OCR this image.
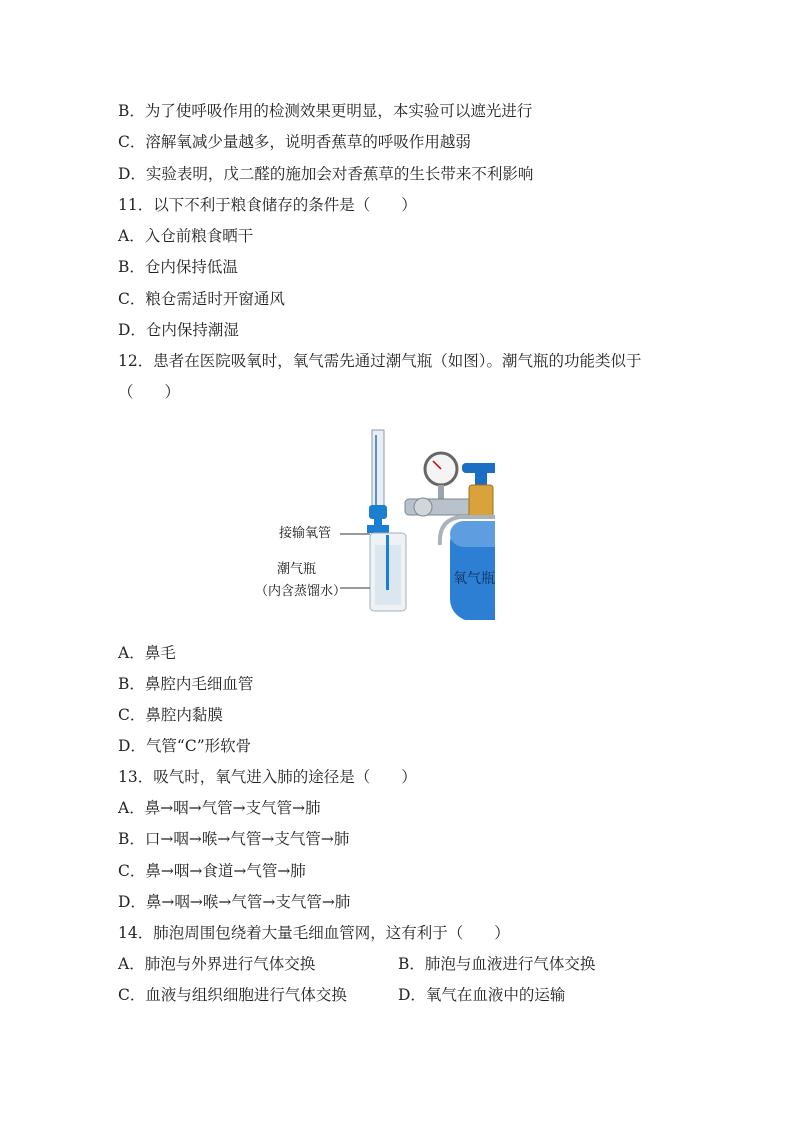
B．为了使呼吸作用的检测效果更明显，本实验可以遮光进行
C．溶解氧减少量越多，说明香蕉草的呼吸作用越弱
D．实验表明，戊二醛的施加会对香蕉草的生长带来不利影响
11．以下不利于粮食储存的条件是（　　）
A．入仓前粮食晒干
B．仓内保持低温
C．粮仓需适时开窗通风
D．仓内保持潮湿
12．患者在医院吸氧时，氧气需先通过潮气瓶（如图）。潮气瓶的功能类似于
（　　）
接输氧管
潮气瓶
（内含蒸馏水）
氧气瓶
A．鼻毛
B．鼻腔内毛细血管
C．鼻腔内黏膜
D．气管“C”形软骨
13．吸气时，氧气进入肺的途径是（　　）
A．鼻→咽→气管→支气管→肺
B．口→咽→喉→气管→支气管→肺
C．鼻→咽→食道→气管→肺
D．鼻→咽→喉→气管→支气管→肺
14．肺泡周围包绕着大量毛细血管网，这有利于（　　）
A．肺泡与外界进行气体交换	B．肺泡与血液进行气体交换
C．血液与组织细胞进行气体交换	D．氧气在血液中的运输
